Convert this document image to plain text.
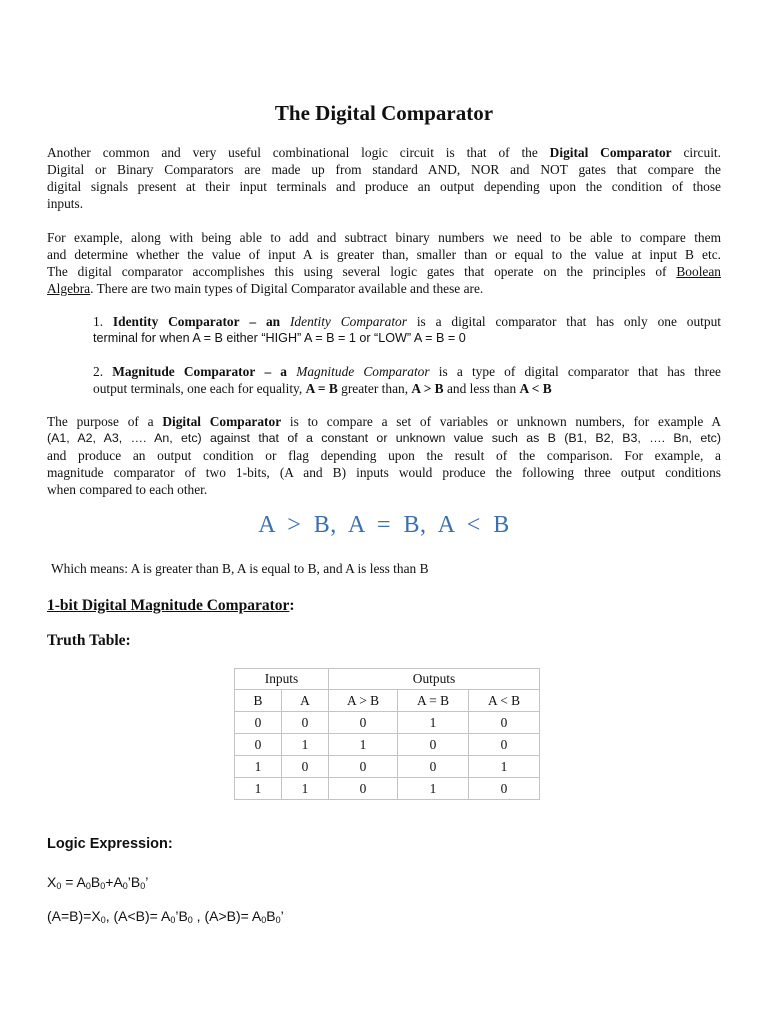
The Digital Comparator
Another common and very useful combinational logic circuit is that of the Digital Comparator circuit.
Digital or Binary Comparators are made up from standard AND, NOR and NOT gates that compare the
digital signals present at their input terminals and produce an output depending upon the condition of those
inputs.
For example, along with being able to add and subtract binary numbers we need to be able to compare them
and determine whether the value of input A is greater than, smaller than or equal to the value at input B etc.
The digital comparator accomplishes this using several logic gates that operate on the principles of Boolean
Algebra. There are two main types of Digital Comparator available and these are.
1. Identity Comparator – an Identity Comparator is a digital comparator that has only one output
terminal for when A = B either “HIGH” A = B = 1 or “LOW” A = B = 0
2. Magnitude Comparator – a Magnitude Comparator is a type of digital comparator that has three
output terminals, one each for equality, A = B greater than, A > B and less than A < B
The purpose of a Digital Comparator is to compare a set of variables or unknown numbers, for example A
(A1, A2, A3, …. An, etc) against that of a constant or unknown value such as B (B1, B2, B3, …. Bn, etc)
and produce an output condition or flag depending upon the result of the comparison. For example, a
magnitude comparator of two 1-bits, (A and B) inputs would produce the following three output conditions
when compared to each other.
A > B, A = B, A < B
Which means: A is greater than B, A is equal to B, and A is less than B
1-bit Digital Magnitude Comparator:
Truth Table:
Inputs		Outputs		
B	A	A > B	A = B	A < B
0	0	0	1	0
0	1	1	0	0
1	0	0	0	1
1	1	0	1	0
Logic Expression:
$X_0$ = $A_0B_0+A_0’B_0$’
$(A=B)=X_0$, $(A<B)= A_0’B_0$ , $(A>B)= A_0B_0$’
